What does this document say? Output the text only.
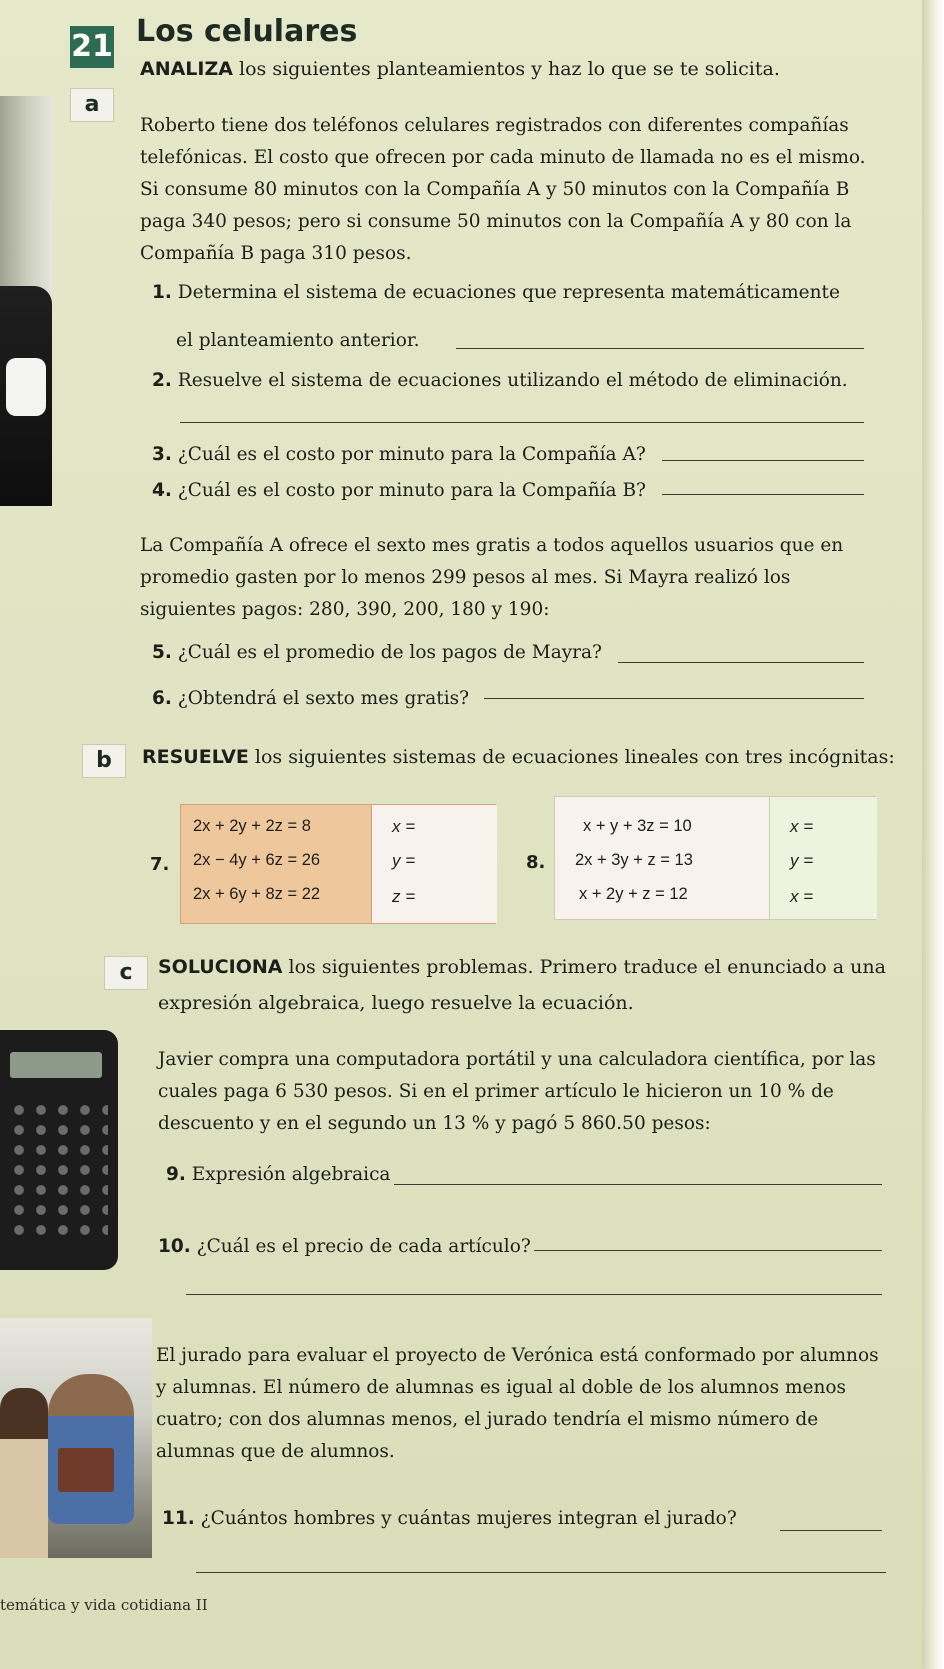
21 Los celulares
a
ANALIZA los siguientes planteamientos y haz lo que se te solicita.
Roberto tiene dos teléfonos celulares registrados con diferentes compañías telefónicas. El costo que ofrecen por cada minuto de llamada no es el mismo. Si consume 80 minutos con la Compañía A y 50 minutos con la Compañía B paga 340 pesos; pero si consume 50 minutos con la Compañía A y 80 con la Compañía B paga 310 pesos.
1. Determina el sistema de ecuaciones que representa matemáticamente
el planteamiento anterior.
2. Resuelve el sistema de ecuaciones utilizando el método de eliminación.
3. ¿Cuál es el costo por minuto para la Compañía A?
4. ¿Cuál es el costo por minuto para la Compañía B?
La Compañía A ofrece el sexto mes gratis a todos aquellos usuarios que en promedio gasten por lo menos 299 pesos al mes. Si Mayra realizó los siguientes pagos: 280, 390, 200, 180 y 190:
5. ¿Cuál es el promedio de los pagos de Mayra?
6. ¿Obtendrá el sexto mes gratis?
b	RESUELVE los siguientes sistemas de ecuaciones lineales con tres incógnitas:
7.
2x + 2y + 2z = 8
2x − 4y + 6z = 26
2x + 6y + 8z = 22
x =
y =
z =
8.
x + y + 3z = 10
2x + 3y + z = 13
x + 2y + z = 12
x =
y =
x =
c	SOLUCIONA los siguientes problemas. Primero traduce el enunciado a una
expresión algebraica, luego resuelve la ecuación.
Javier compra una computadora portátil y una calculadora científica, por las cuales paga 6 530 pesos. Si en el primer artículo le hicieron un 10 % de descuento y en el segundo un 13 % y pagó 5 860.50 pesos:
9. Expresión algebraica
10. ¿Cuál es el precio de cada artículo?
El jurado para evaluar el proyecto de Verónica está conformado por alumnos y alumnas. El número de alumnas es igual al doble de los alumnos menos cuatro; con dos alumnas menos, el jurado tendría el mismo número de alumnas que de alumnos.
11. ¿Cuántos hombres y cuántas mujeres integran el jurado?
temática y vida cotidiana II
